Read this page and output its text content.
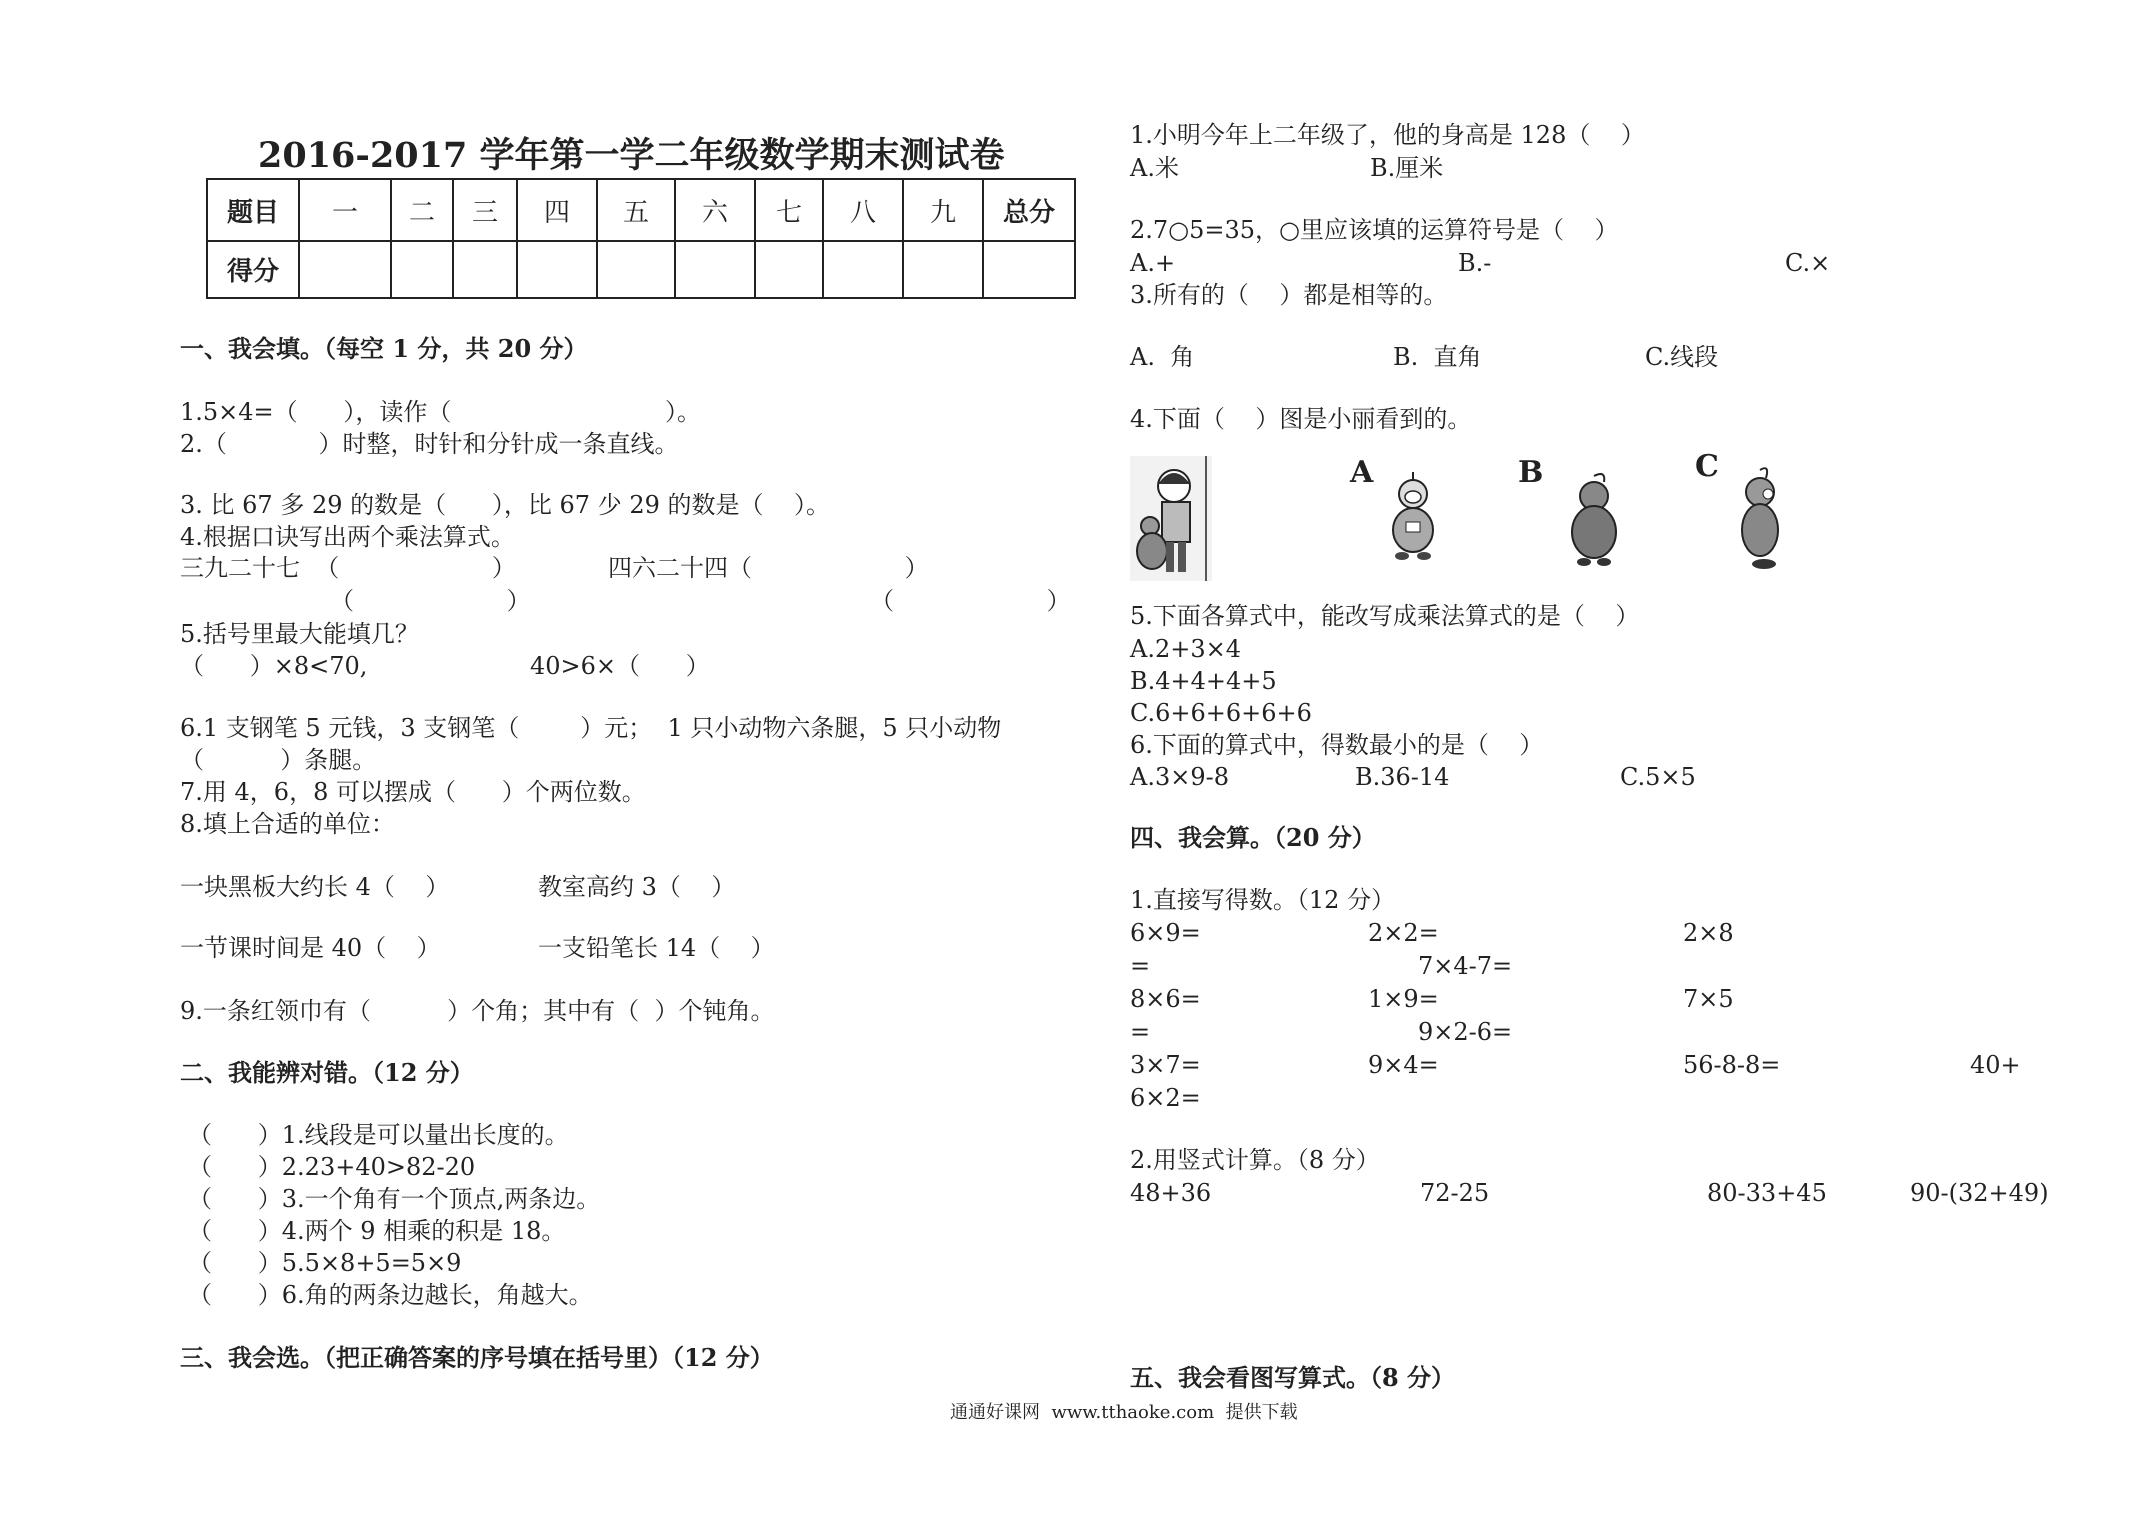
2016-2017 学年第一学二年级数学期末测试卷
题目	一	二	三	四	五	六	七	八	九	总分
得分										
一、我会填。（每空 1 分，共 20 分）
1.5×4=（      ），读作（                            ）。
2.（            ）时整，时针和分针成一条直线。
3. 比 67 多 29 的数是（      ），比 67 少 29 的数是（    ）。
4.根据口诀写出两个乘法算式。
三九二十七  （                    ）	四六二十四（                    ）
（                    ）	（                    ）
5.括号里最大能填几？
（      ）×8<70,	40>6×（      ）
6.1 支钢笔 5 元钱，3 支钢笔（        ）元；  1 只小动物六条腿，5 只小动物
（          ）条腿。
7.用 4，6，8 可以摆成（      ）个两位数。
8.填上合适的单位：
一块黑板大约长 4（    ）	教室高约 3（    ）
一节课时间是 40（    ）	一支铅笔长 14（    ）
9.一条红领巾有（          ）个角；其中有（  ）个钝角。
二、我能辨对错。（12 分）
（      ）1.线段是可以量出长度的。
（      ）2.23+40>82-20
（      ）3.一个角有一个顶点,两条边。
（      ）4.两个 9 相乘的积是 18。
（      ）5.5×8+5=5×9
（      ）6.角的两条边越长，角越大。
三、我会选。（把正确答案的序号填在括号里）（12 分）
1.小明今年上二年级了，他的身高是 128（    ）
A.米	B.厘米
2.7○5=35，○里应该填的运算符号是（    ）
A.+	B.-	C.×
3.所有的（    ）都是相等的。
A.  角	B.  直角	C.线段
4.下面（    ）图是小丽看到的。
A	B	C
5.下面各算式中，能改写成乘法算式的是（    ）
A.2+3×4
B.4+4+4+5
C.6+6+6+6+6
6.下面的算式中，得数最小的是（    ）
A.3×9-8	B.36-14	C.5×5
四、我会算。（20 分）
1.直接写得数。（12 分）
6×9=	2×2=	2×8
=	7×4-7=
8×6=	1×9=	7×5
=	9×2-6=
3×7=	9×4=	56-8-8=	40+
6×2=
2.用竖式计算。（8 分）
48+36	72-25	80-33+45	90-(32+49)
五、我会看图写算式。（8 分）
通通好课网  www.tthaoke.com  提供下载
